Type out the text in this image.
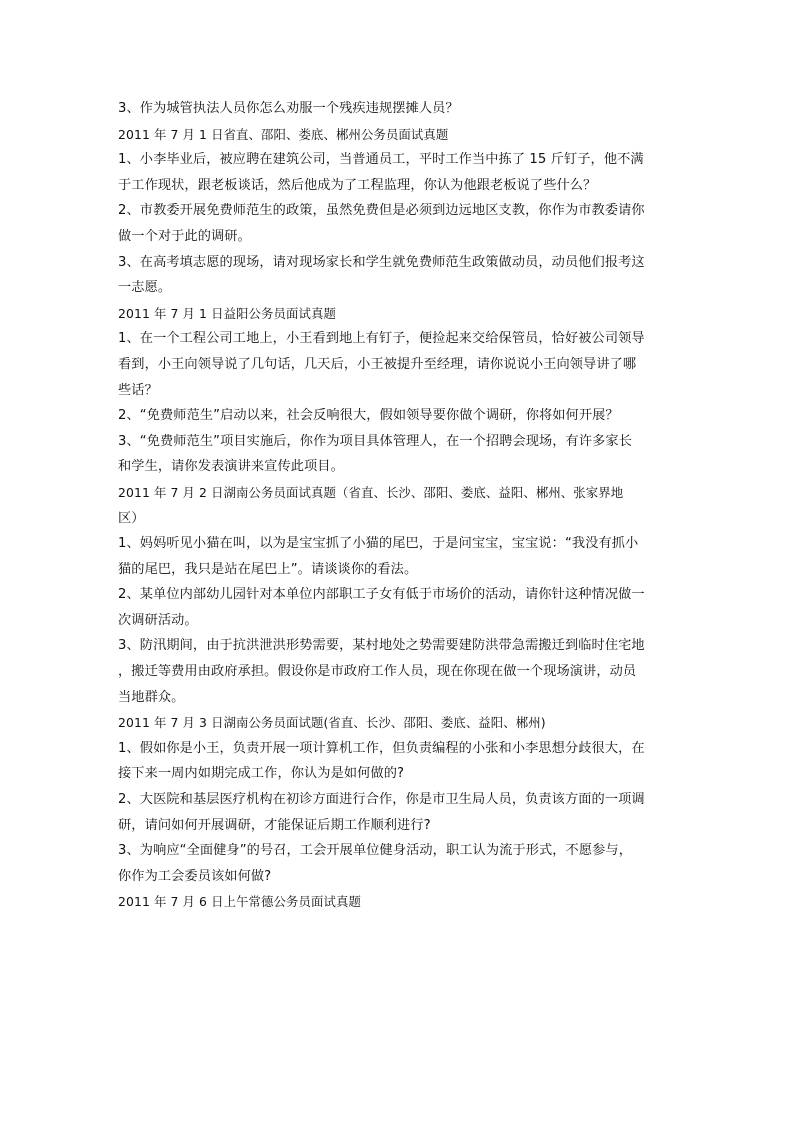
3、作为城管执法人员你怎么劝服一个残疾违规摆摊人员？

2011 年 7 月 1 日省直、邵阳、娄底、郴州公务员面试真题

1、小李毕业后，被应聘在建筑公司，当普通员工，平时工作当中拣了 15 斤钉子，他不满

于工作现状，跟老板谈话，然后他成为了工程监理，你认为他跟老板说了些什么？

2、市教委开展免费师范生的政策，虽然免费但是必须到边远地区支教，你作为市教委请你

做一个对于此的调研。

3、在高考填志愿的现场，请对现场家长和学生就免费师范生政策做动员，动员他们报考这

一志愿。

2011 年 7 月 1 日益阳公务员面试真题

1、在一个工程公司工地上，小王看到地上有钉子，便捡起来交给保管员，恰好被公司领导

看到，小王向领导说了几句话，几天后，小王被提升至经理，请你说说小王向领导讲了哪

些话？

2、“免费师范生”启动以来，社会反响很大，假如领导要你做个调研，你将如何开展？

3、“免费师范生”项目实施后，你作为项目具体管理人，在一个招聘会现场，有许多家长

和学生，请你发表演讲来宣传此项目。

2011 年 7 月 2 日湖南公务员面试真题（省直、长沙、邵阳、娄底、益阳、郴州、张家界地

区）

1、妈妈听见小猫在叫，以为是宝宝抓了小猫的尾巴，于是问宝宝，宝宝说：“我没有抓小

猫的尾巴，我只是站在尾巴上”。请谈谈你的看法。

2、某单位内部幼儿园针对本单位内部职工子女有低于市场价的活动，请你针这种情况做一

次调研活动。

3、防汛期间，由于抗洪泄洪形势需要，某村地处之势需要建防洪带急需搬迁到临时住宅地

，搬迁等费用由政府承担。假设你是市政府工作人员，现在你现在做一个现场演讲，动员

当地群众。

2011 年 7 月 3 日湖南公务员面试题(省直、长沙、邵阳、娄底、益阳、郴州)

1、假如你是小王，负责开展一项计算机工作，但负责编程的小张和小李思想分歧很大，在

接下来一周内如期完成工作，你认为是如何做的?

2、大医院和基层医疗机构在初诊方面进行合作，你是市卫生局人员，负责该方面的一项调

研，请问如何开展调研，才能保证后期工作顺利进行?

3、为响应“全面健身”的号召，工会开展单位健身活动，职工认为流于形式，不愿参与，

你作为工会委员该如何做?

2011 年 7 月 6 日上午常德公务员面试真题
